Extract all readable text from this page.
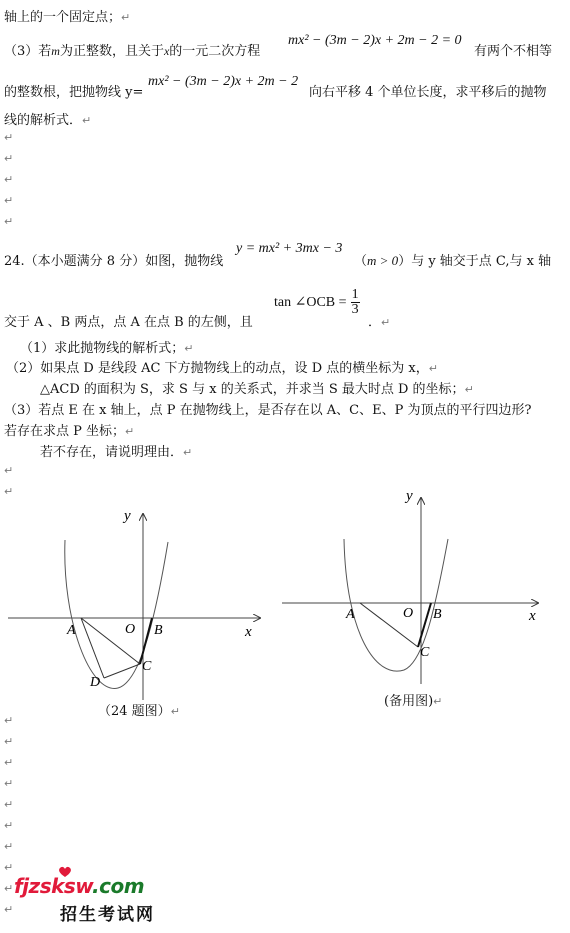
轴上的一个固定点；↵
（3）若m为正整数，且关于x的一元二次方程
mx² − (3m − 2)x + 2m − 2 = 0
有两个不相等
的整数根，把抛物线 y=
mx² − (3m − 2)x + 2m − 2
向右平移 4 个单位长度，求平移后的抛物
线的解析式．↵
↵
↵
↵
↵
↵
24.（本小题满分 8 分）如图，抛物线
y = mx² + 3mx − 3
（m > 0）与 y 轴交于点 C,与 x 轴
交于 A 、B 两点，点 A 在点 B 的左侧，且
tan ∠OCB = $\frac{1}{3}$
．↵
（1）求此抛物线的解析式；↵
（2）如果点 D 是线段 AC 下方抛物线上的动点，设 D 点的横坐标为 x，↵
△ACD 的面积为 S，求 S 与 x 的关系式，并求当 S 最大时点 D 的坐标；↵
（3）若点 E 在 x 轴上，点 P 在抛物线上，是否存在以 A、C、E、P 为顶点的平行四边形?
若存在求点 P 坐标；↵
若不存在，请说明理由．↵
↵
↵
y
x
O
A	B
C
D
（24 题图）↵
y
x
O
A	B
C
(备用图)↵
↵
↵
↵
↵
↵
↵
↵
↵
↵
↵
fjzsksw.com
招生考试网
